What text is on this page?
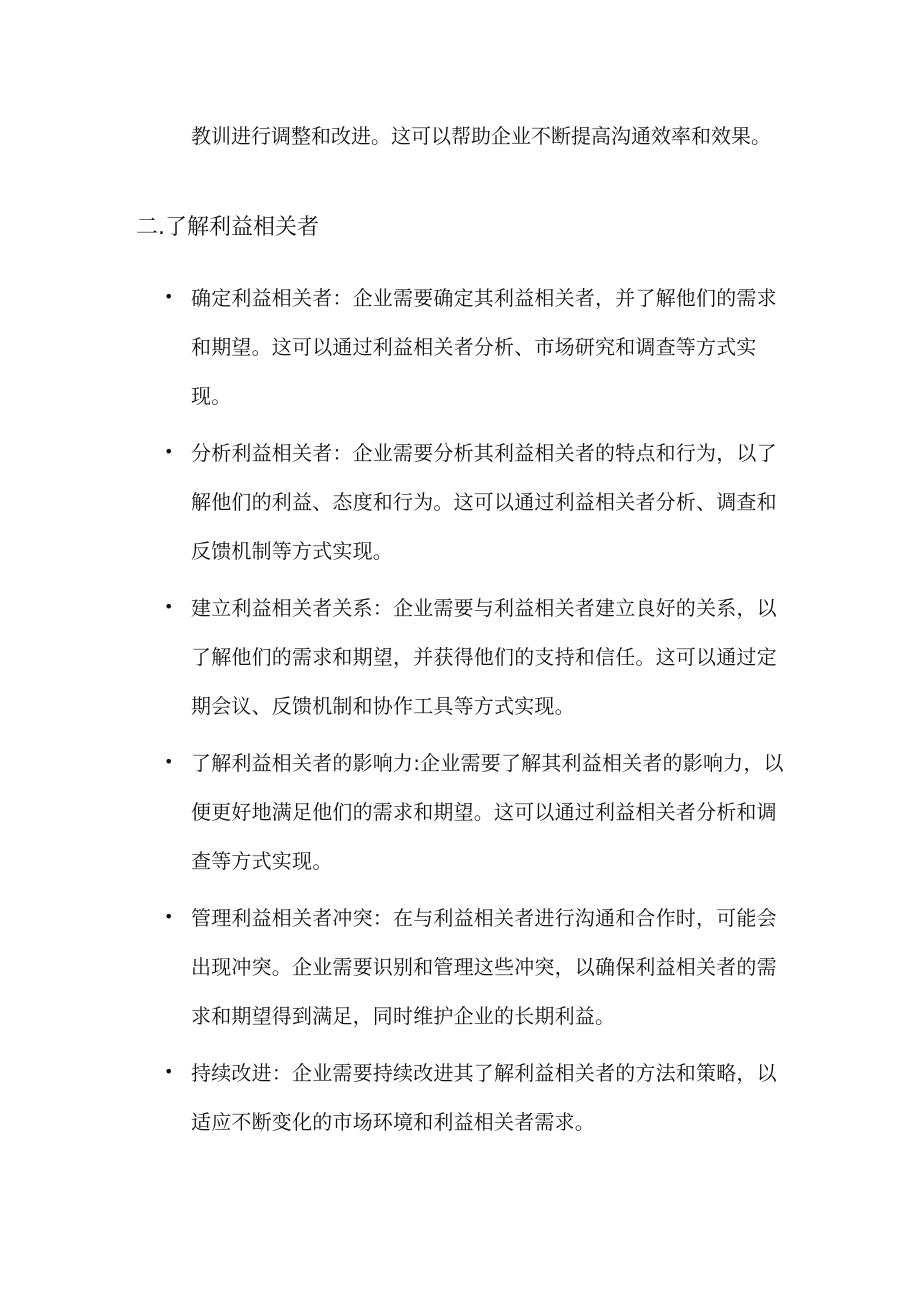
教训进行调整和改进。这可以帮助企业不断提高沟通效率和效果。
二.了解利益相关者
• 确定利益相关者：企业需要确定其利益相关者，并了解他们的需求和期望。这可以通过利益相关者分析、市场研究和调查等方式实现。
• 分析利益相关者：企业需要分析其利益相关者的特点和行为，以了解他们的利益、态度和行为。这可以通过利益相关者分析、调查和反馈机制等方式实现。
• 建立利益相关者关系：企业需要与利益相关者建立良好的关系，以了解他们的需求和期望，并获得他们的支持和信任。这可以通过定期会议、反馈机制和协作工具等方式实现。
• 了解利益相关者的影响力:企业需要了解其利益相关者的影响力，以便更好地满足他们的需求和期望。这可以通过利益相关者分析和调查等方式实现。
• 管理利益相关者冲突：在与利益相关者进行沟通和合作时，可能会出现冲突。企业需要识别和管理这些冲突，以确保利益相关者的需求和期望得到满足，同时维护企业的长期利益。
• 持续改进：企业需要持续改进其了解利益相关者的方法和策略，以适应不断变化的市场环境和利益相关者需求。
